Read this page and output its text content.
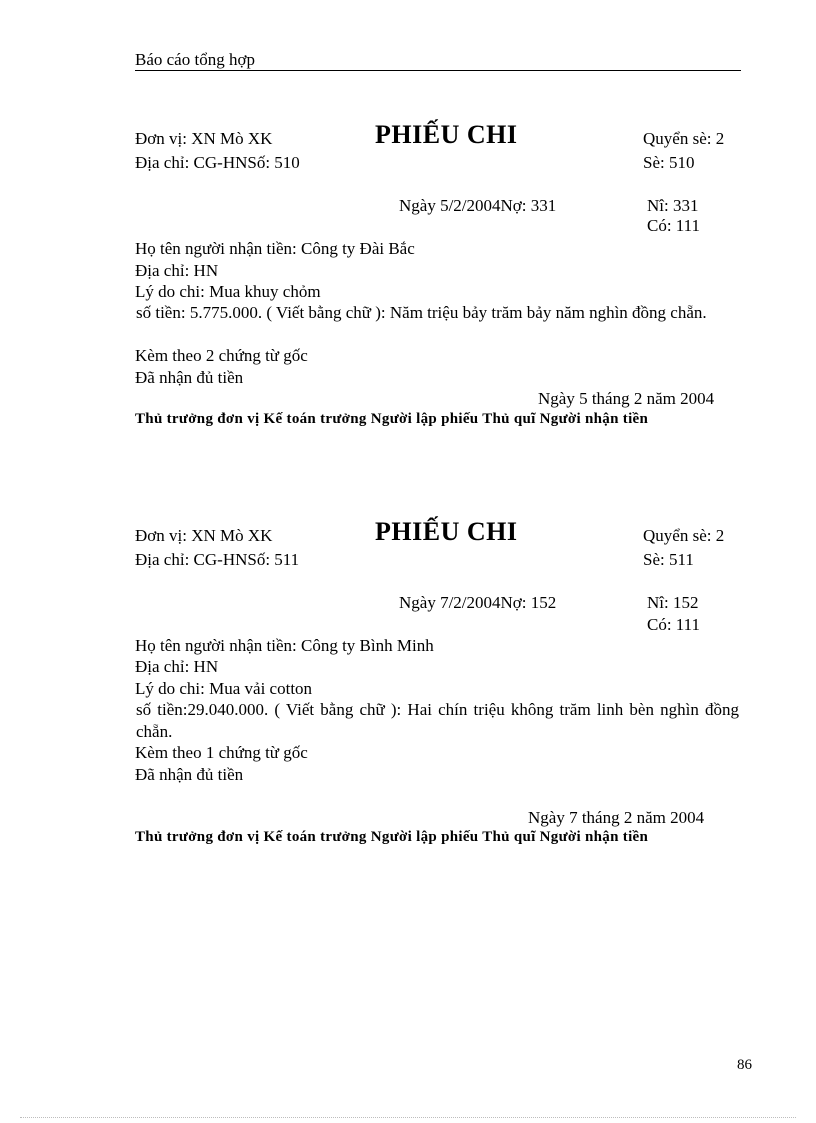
Báo cáo tổng hợp
Đơn vị: XN Mò XK	PHIẾU CHI	Quyển sè: 2
Địa chỉ: CG-HNSố: 510	Sè: 510
Ngày 5/2/2004Nợ: 331	Nî: 331
Có: 111
Họ tên người nhận tiền: Công ty Đài Bắc
Địa chỉ: HN
Lý do chi: Mua khuy chỏm
số tiền: 5.775.000. ( Viết bằng chữ ): Năm triệu bảy trăm bảy năm nghìn đồng chẵn.
Kèm theo 2 chứng từ gốc
Đã nhận đủ tiền
Ngày 5 tháng 2 năm 2004
Thủ trưởng đơn vị Kế toán trưởng Người lập phiếu Thủ quĩ Người nhận tiền
Đơn vị: XN Mò XK	PHIẾU CHI	Quyển sè: 2
Địa chỉ: CG-HNSố: 511	Sè: 511
Ngày 7/2/2004Nợ: 152	Nî: 152
Có: 111
Họ tên người nhận tiền: Công ty Bình Minh
Địa chỉ: HN
Lý do chi: Mua vải cotton
số tiền:29.040.000. ( Viết bằng chữ ): Hai chín triệu không trăm linh bèn nghìn đồng chẵn.
Kèm theo 1 chứng từ gốc
Đã nhận đủ tiền
Ngày 7 tháng 2 năm 2004
Thủ trưởng đơn vị Kế toán trưởng Người lập phiếu Thủ quĩ Người nhận tiền
86
